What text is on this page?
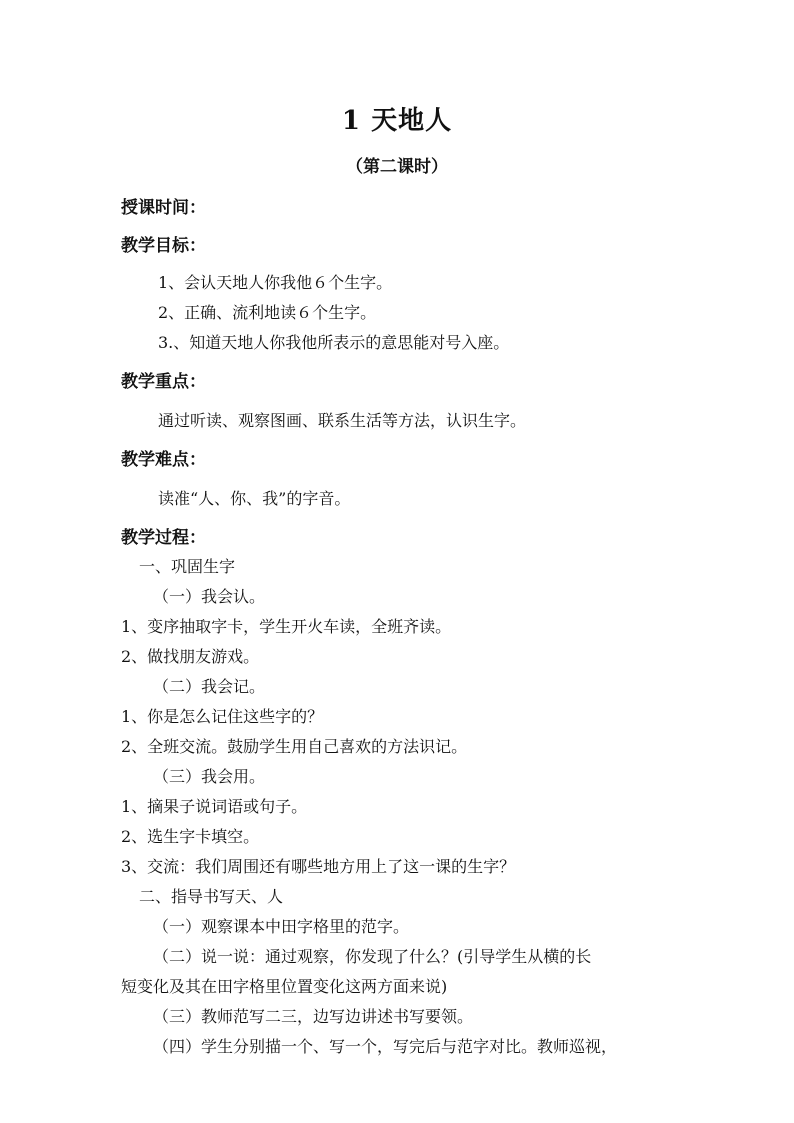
1 天地人
（第二课时）

授课时间：

教学目标：

1、会认天地人你我他６个生字。

2、正确、流利地读６个生字。

3.、知道天地人你我他所表示的意思能对号入座。

教学重点：

通过听读、观察图画、联系生活等方法，认识生字。

教学难点：

读准“人、你、我”的字音。

教学过程：

一、巩固生字

（一）我会认。

1、变序抽取字卡，学生开火车读，全班齐读。

2、做找朋友游戏。

（二）我会记。

1、你是怎么记住这些字的？

2、全班交流。鼓励学生用自己喜欢的方法识记。

（三）我会用。

1、摘果子说词语或句子。

2、选生字卡填空。

3、交流：我们周围还有哪些地方用上了这一课的生字？

二、指导书写天、人

（一）观察课本中田字格里的范字。

（二）说一说：通过观察，你发现了什么？(引导学生从横的长

短变化及其在田字格里位置变化这两方面来说)

（三）教师范写二三，边写边讲述书写要领。

（四）学生分别描一个、写一个，写完后与范字对比。教师巡视，
